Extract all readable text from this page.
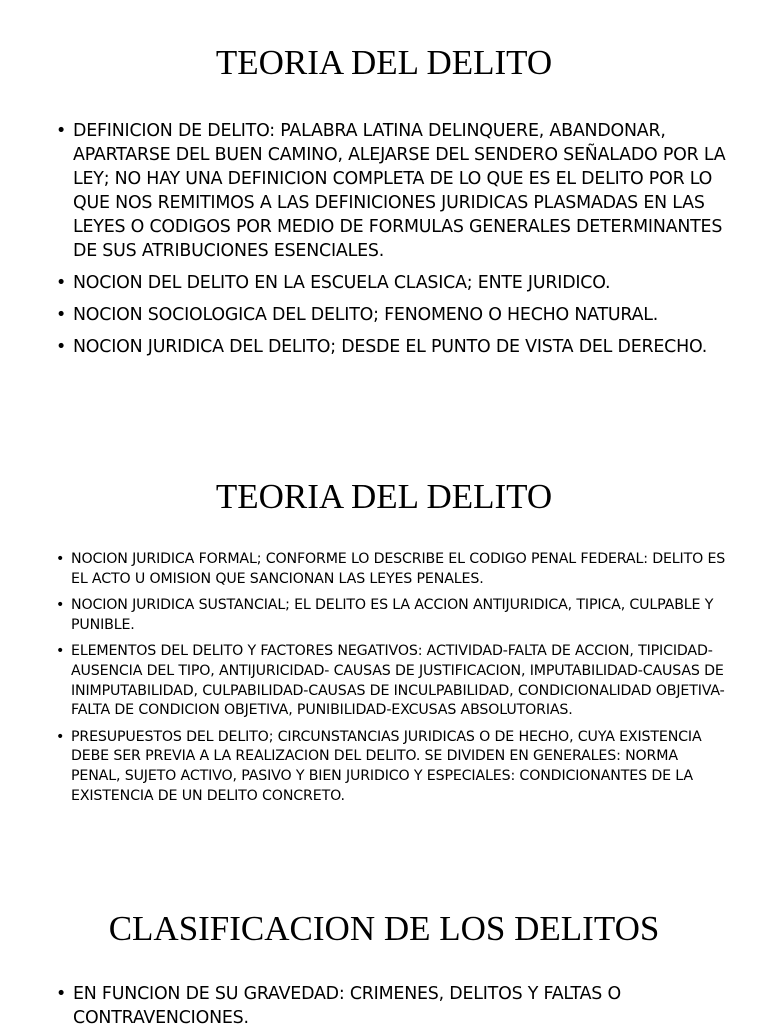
TEORIA DEL DELITO
• DEFINICION DE DELITO: PALABRA LATINA DELINQUERE, ABANDONAR, APARTARSE DEL BUEN CAMINO, ALEJARSE DEL SENDERO SEÑALADO POR LA LEY; NO HAY UNA DEFINICION COMPLETA DE LO QUE ES EL DELITO POR LO QUE NOS REMITIMOS A LAS DEFINICIONES JURIDICAS PLASMADAS EN LAS LEYES O CODIGOS POR MEDIO DE FORMULAS GENERALES DETERMINANTES DE SUS ATRIBUCIONES ESENCIALES.
• NOCION DEL DELITO EN LA ESCUELA CLASICA; ENTE JURIDICO.
• NOCION SOCIOLOGICA DEL DELITO; FENOMENO O HECHO NATURAL.
• NOCION JURIDICA DEL DELITO; DESDE EL PUNTO DE VISTA DEL DERECHO.
TEORIA DEL DELITO
• NOCION JURIDICA FORMAL; CONFORME LO DESCRIBE EL CODIGO PENAL FEDERAL: DELITO ES EL ACTO U OMISION QUE SANCIONAN LAS LEYES PENALES.
• NOCION JURIDICA SUSTANCIAL; EL DELITO ES LA ACCION ANTIJURIDICA, TIPICA, CULPABLE Y PUNIBLE.
• ELEMENTOS DEL DELITO Y FACTORES NEGATIVOS: ACTIVIDAD-FALTA DE ACCION, TIPICIDAD-AUSENCIA DEL TIPO, ANTIJURICIDAD- CAUSAS DE JUSTIFICACION, IMPUTABILIDAD-CAUSAS DE INIMPUTABILIDAD, CULPABILIDAD-CAUSAS DE INCULPABILIDAD, CONDICIONALIDAD OBJETIVA-FALTA DE CONDICION OBJETIVA, PUNIBILIDAD-EXCUSAS ABSOLUTORIAS.
• PRESUPUESTOS DEL DELITO; CIRCUNSTANCIAS JURIDICAS O DE HECHO, CUYA EXISTENCIA DEBE SER PREVIA A LA REALIZACION DEL DELITO. SE DIVIDEN EN GENERALES: NORMA PENAL, SUJETO ACTIVO, PASIVO Y BIEN JURIDICO Y ESPECIALES: CONDICIONANTES DE LA EXISTENCIA DE UN DELITO CONCRETO.
CLASIFICACION DE LOS DELITOS
• EN FUNCION DE SU GRAVEDAD: CRIMENES, DELITOS Y FALTAS O CONTRAVENCIONES.
